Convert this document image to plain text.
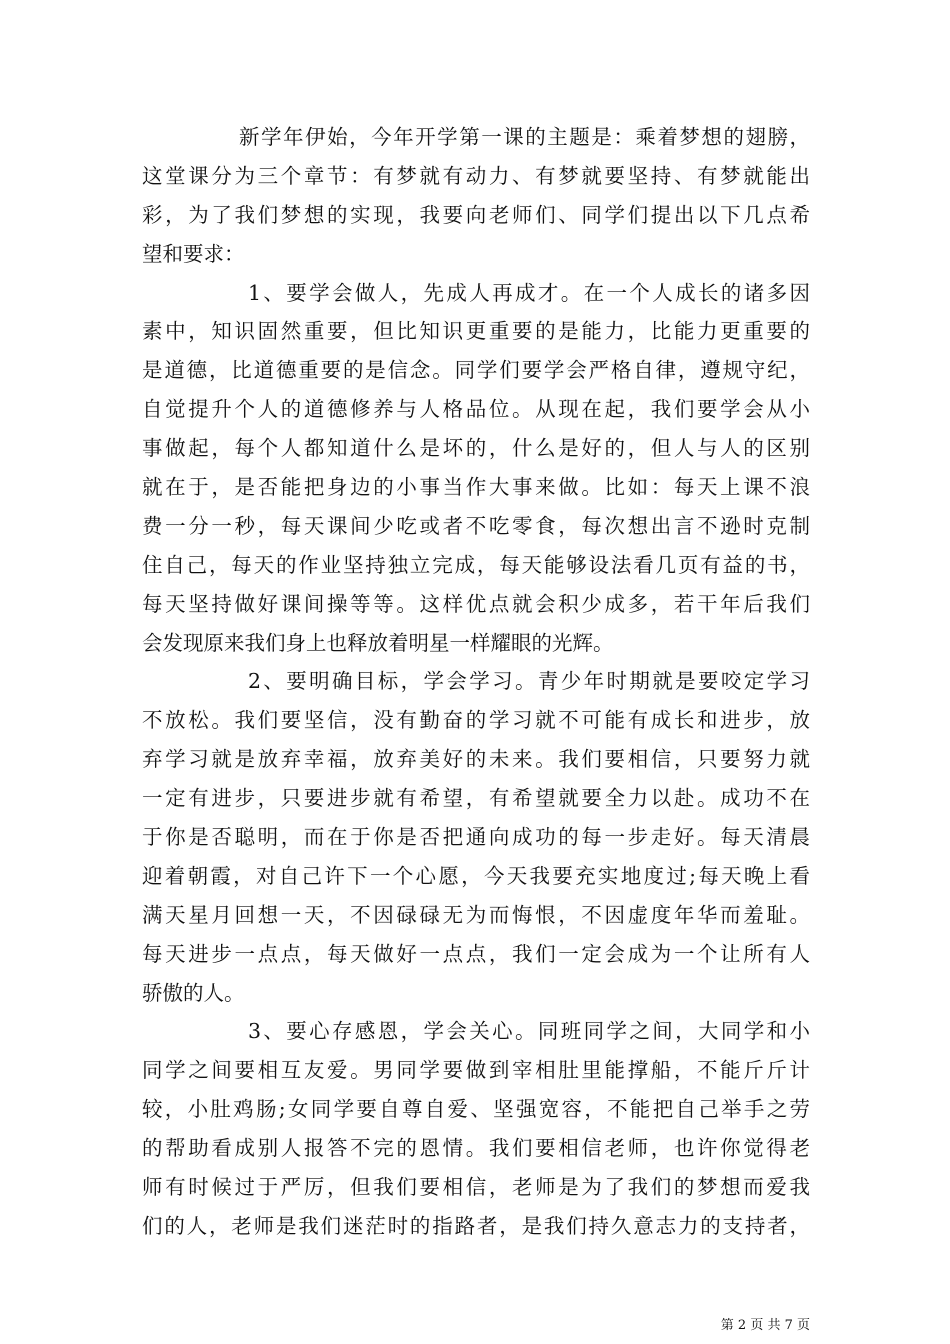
新学年伊始，今年开学第一课的主题是：乘着梦想的翅膀，
这堂课分为三个章节：有梦就有动力、有梦就要坚持、有梦就能出
彩，为了我们梦想的实现，我要向老师们、同学们提出以下几点希
望和要求：
1、要学会做人，先成人再成才。在一个人成长的诸多因
素中，知识固然重要，但比知识更重要的是能力，比能力更重要的
是道德，比道德重要的是信念。同学们要学会严格自律，遵规守纪，
自觉提升个人的道德修养与人格品位。从现在起，我们要学会从小
事做起，每个人都知道什么是坏的，什么是好的，但人与人的区别
就在于，是否能把身边的小事当作大事来做。比如：每天上课不浪
费一分一秒，每天课间少吃或者不吃零食，每次想出言不逊时克制
住自己，每天的作业坚持独立完成，每天能够设法看几页有益的书，
每天坚持做好课间操等等。这样优点就会积少成多，若干年后我们
会发现原来我们身上也释放着明星一样耀眼的光辉。
2、要明确目标，学会学习。青少年时期就是要咬定学习
不放松。我们要坚信，没有勤奋的学习就不可能有成长和进步，放
弃学习就是放弃幸福，放弃美好的未来。我们要相信，只要努力就
一定有进步，只要进步就有希望，有希望就要全力以赴。成功不在
于你是否聪明，而在于你是否把通向成功的每一步走好。每天清晨
迎着朝霞，对自己许下一个心愿，今天我要充实地度过;每天晚上看
满天星月回想一天，不因碌碌无为而悔恨，不因虚度年华而羞耻。
每天进步一点点，每天做好一点点，我们一定会成为一个让所有人
骄傲的人。
3、要心存感恩，学会关心。同班同学之间，大同学和小
同学之间要相互友爱。男同学要做到宰相肚里能撑船，不能斤斤计
较，小肚鸡肠;女同学要自尊自爱、坚强宽容，不能把自己举手之劳
的帮助看成别人报答不完的恩情。我们要相信老师，也许你觉得老
师有时候过于严厉，但我们要相信，老师是为了我们的梦想而爱我
们的人，老师是我们迷茫时的指路者，是我们持久意志力的支持者，
第 2 页 共 7 页
